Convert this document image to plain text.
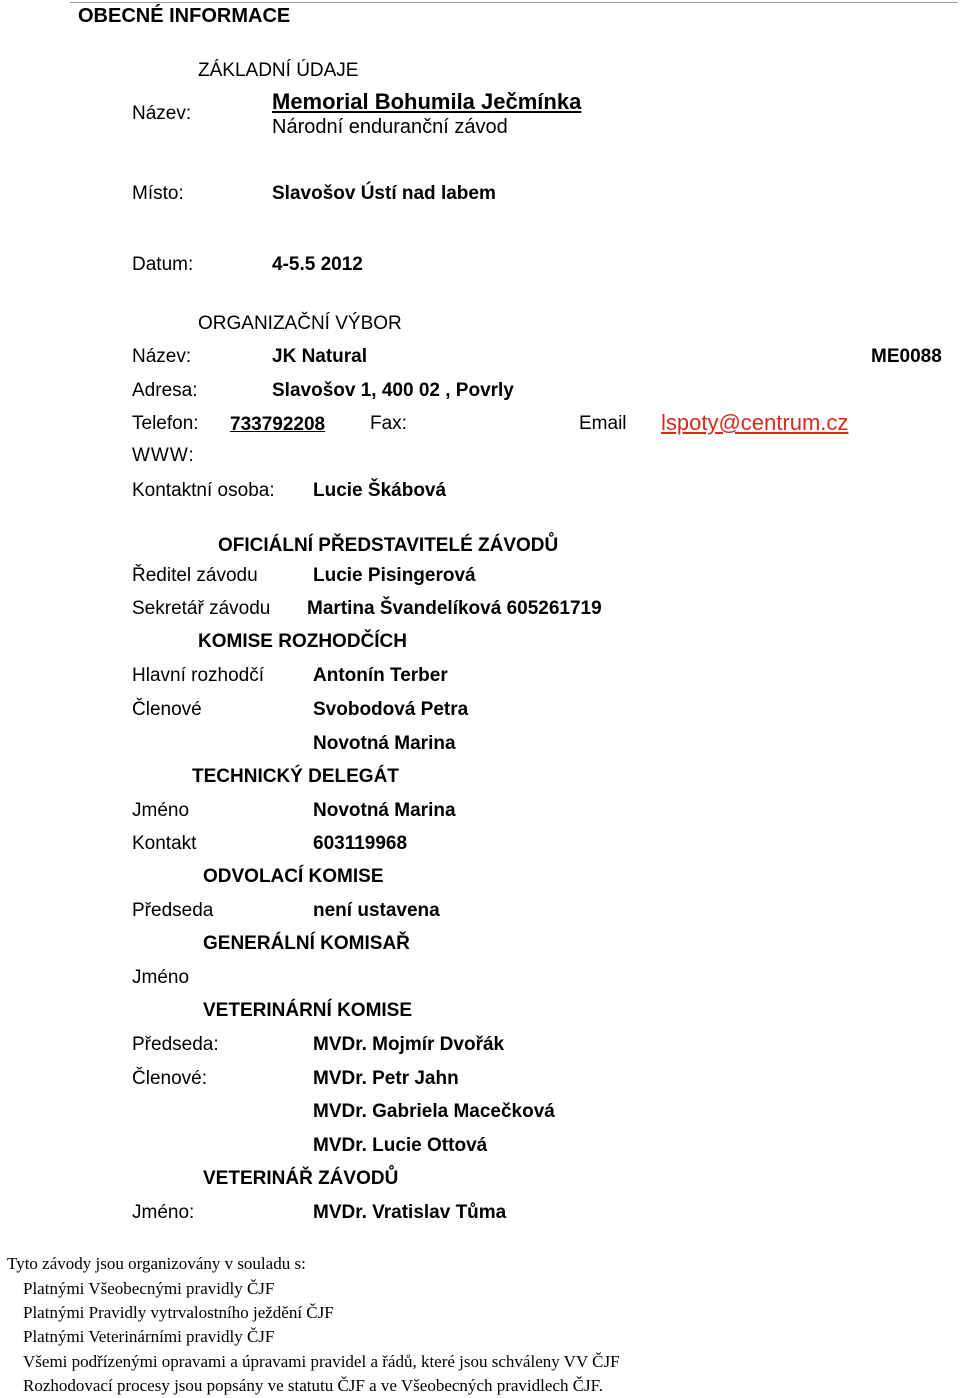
OBECNÉ INFORMACE
ZÁKLADNÍ ÚDAJE
Název:	Memorial Bohumila Ječmínka
Národní enduranční závod
Místo:	Slavošov Ústí nad labem
Datum:	4-5.5 2012
ORGANIZAČNÍ VÝBOR
Název:	JK Natural	ME0088
Adresa:	Slavošov 1, 400 02 , Povrly
Telefon: 733792208 Fax:	Email lspoty@centrum.cz
WWW:
Kontaktní osoba: Lucie Škábová
OFICIÁLNÍ PŘEDSTAVITELÉ ZÁVODŮ
Ředitel závodu	Lucie Pisingerová
Sekretář závodu Martina Švandelíková 605261719
KOMISE ROZHODČÍCH
Hlavní rozhodčí	Antonín Terber
Členové	Svobodová Petra
Novotná Marina
TECHNICKÝ DELEGÁT
Jméno	Novotná Marina
Kontakt	603119968
ODVOLACÍ KOMISE
Předseda	není ustavena
GENERÁLNÍ KOMISAŘ
Jméno
VETERINÁRNÍ KOMISE
Předseda:	MVDr. Mojmír Dvořák
Členové:	MVDr. Petr Jahn
MVDr. Gabriela Macečková
MVDr. Lucie Ottová
VETERINÁŘ ZÁVODŮ
Jméno:	MVDr. Vratislav Tůma
Tyto závody jsou organizovány v souladu s:
Platnými Všeobecnými pravidly ČJF
Platnými Pravidly vytrvalostního ježdění ČJF
Platnými Veterinárními pravidly ČJF
Všemi podřízenými opravami a úpravami pravidel a řádů, které jsou schváleny VV ČJF
Rozhodovací procesy jsou popsány ve statutu ČJF a ve Všeobecných pravidlech ČJF.
